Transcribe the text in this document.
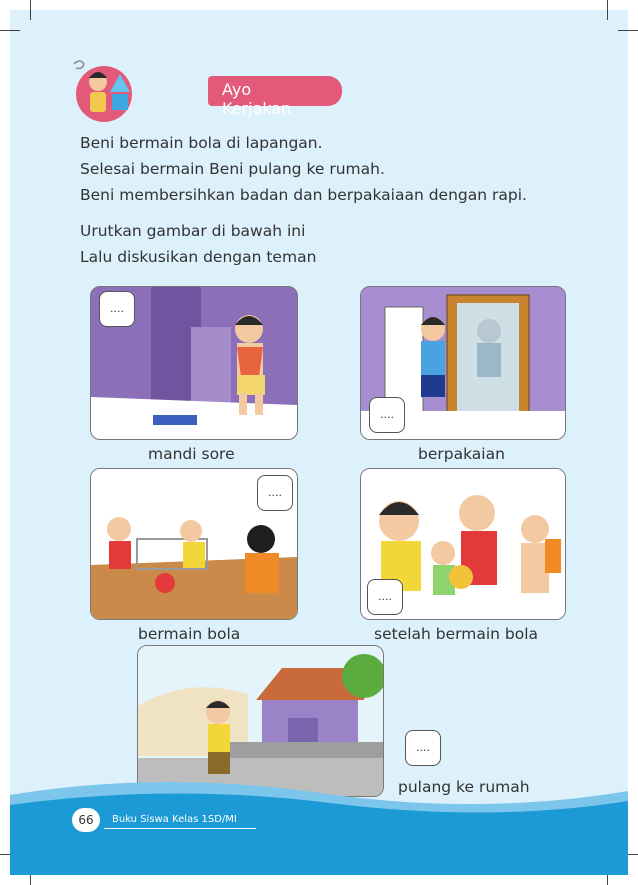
Ayo Kerjakan
Beni bermain bola di lapangan.
Selesai bermain Beni pulang ke rumah.
Beni membersihkan badan dan berpakaiaan dengan rapi.
Urutkan gambar di bawah ini
Lalu diskusikan dengan teman
....
mandi sore
....
berpakaian
....
bermain bola
....
setelah bermain bola
....
pulang ke rumah
66	Buku Siswa Kelas 1SD/MI
